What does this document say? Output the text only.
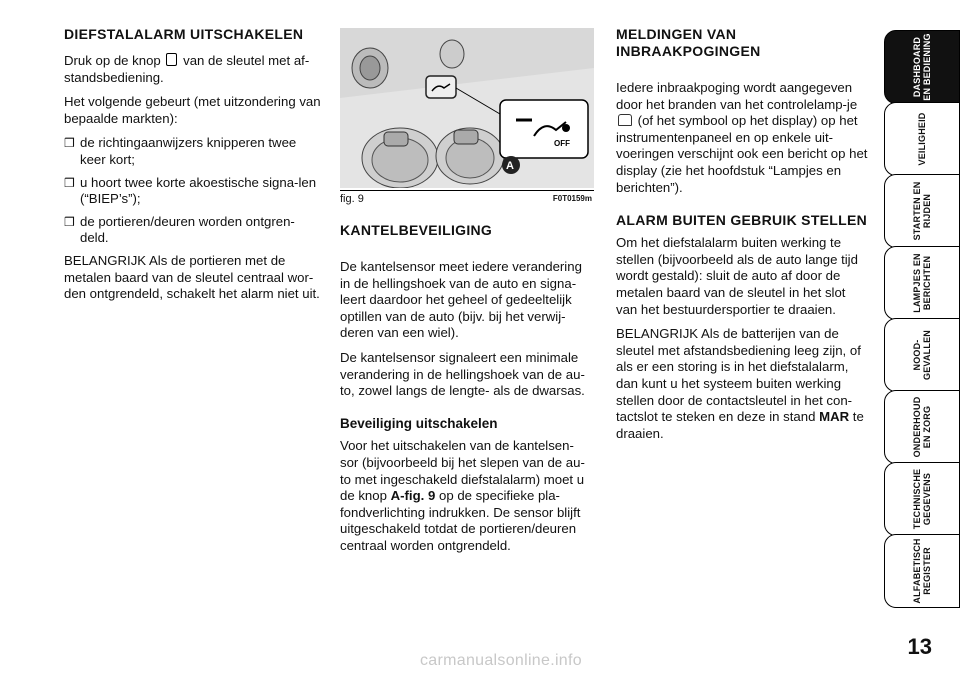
DIEFSTALALARM UITSCHAKELEN

Druk op de knop van de sleutel met af-standsbediening.

Het volgende gebeurt (met uitzondering van bepaalde markten):

❒ de richtingaanwijzers knipperen twee keer kort;
❒ u hoort twee korte akoestische signa-len (“BIEP’s”);
❒ de portieren/deuren worden ontgren-deld.

BELANGRIJK Als de portieren met de metalen baard van de sleutel centraal wor-den ontgrendeld, schakelt het alarm niet uit.

OFF
A
fig. 9	F0T0159m
KANTELBEVEILIGING

De kantelsensor meet iedere verandering in de hellingshoek van de auto en signa-leert daardoor het geheel of gedeeltelijk optillen van de auto (bijv. bij het verwij-deren van een wiel).

De kantelsensor signaleert een minimale verandering in de hellingshoek van de au-to, zowel langs de lengte- als de dwarsas.

Beveiliging uitschakelen

Voor het uitschakelen van de kantelsen-sor (bijvoorbeeld bij het slepen van de au-to met ingeschakeld diefstalalarm) moet u de knop A-fig. 9 op de specifieke pla-fondverlichting indrukken. De sensor blijft uitgeschakeld totdat de portieren/deuren centraal worden ontgrendeld.

MELDINGEN VAN INBRAAKPOGINGEN

Iedere inbraakpoging wordt aangegeven door het branden van het controlelamp-je  (of het symbool op het display) op het instrumentenpaneel en op enkele uit-voeringen verschijnt ook een bericht op het display (zie het hoofdstuk “Lampjes en berichten”).

ALARM BUITEN GEBRUIK STELLEN

Om het diefstalalarm buiten werking te stellen (bijvoorbeeld als de auto lange tijd wordt gestald): sluit de auto af door de metalen baard van de sleutel in het slot van het bestuurdersportier te draaien.

BELANGRIJK Als de batterijen van de sleutel met afstandsbediening leeg zijn, of als er een storing is in het diefstalalarm, dan kunt u het systeem buiten werking stellen door de contactsleutel in het con-tactslot te steken en deze in stand MAR te draaien.

DASHBOARD
EN BEDIENING
VEILIGHEID
STARTEN EN
RIJDEN
LAMPJES EN
BERICHTEN
NOOD-
GEVALLEN
ONDERHOUD
EN ZORG
TECHNISCHE
GEGEVENS
ALFABETISCH
REGISTER
13
carmanualsonline.info
